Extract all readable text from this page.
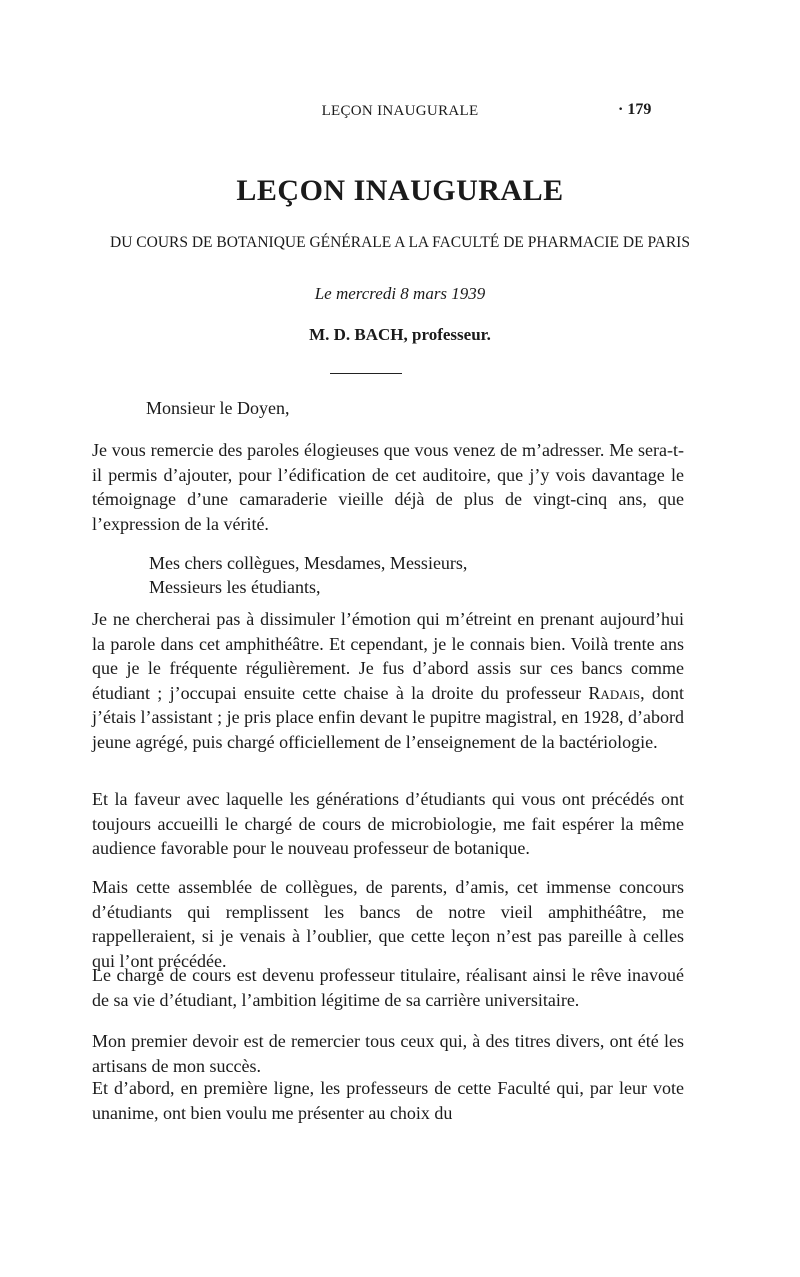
LEÇON INAUGURALE	· 179
LEÇON INAUGURALE
DU COURS DE BOTANIQUE GÉNÉRALE A LA FACULTÉ DE PHARMACIE DE PARIS
Le mercredi 8 mars 1939
M. D. BACH, professeur.
Monsieur le Doyen,

Je vous remercie des paroles élogieuses que vous venez de m’adresser. Me sera-t-il permis d’ajouter, pour l’édification de cet auditoire, que j’y vois davantage le témoignage d’une camaraderie vieille déjà de plus de vingt-cinq ans, que l’expression de la vérité.

Mes chers collègues, Mesdames, Messieurs,
Messieurs les étudiants,

Je ne chercherai pas à dissimuler l’émotion qui m’étreint en prenant aujourd’hui la parole dans cet amphithéâtre. Et cependant, je le connais bien. Voilà trente ans que je le fréquente régulièrement. Je fus d’abord assis sur ces bancs comme étudiant ; j’occupai ensuite cette chaise à la droite du professeur Radais, dont j’étais l’assistant ; je pris place enfin devant le pupitre magistral, en 1928, d’abord jeune agrégé, puis chargé officiellement de l’enseignement de la bactériologie.

Et la faveur avec laquelle les générations d’étudiants qui vous ont précédés ont toujours accueilli le chargé de cours de microbiologie, me fait espérer la même audience favorable pour le nouveau professeur de botanique.

Mais cette assemblée de collègues, de parents, d’amis, cet immense concours d’étudiants qui remplissent les bancs de notre vieil amphithéâtre, me rappelleraient, si je venais à l’oublier, que cette leçon n’est pas pareille à celles qui l’ont précédée.

Le chargé de cours est devenu professeur titulaire, réalisant ainsi le rêve inavoué de sa vie d’étudiant, l’ambition légitime de sa carrière universitaire.

Mon premier devoir est de remercier tous ceux qui, à des titres divers, ont été les artisans de mon succès.

Et d’abord, en première ligne, les professeurs de cette Faculté qui, par leur vote unanime, ont bien voulu me présenter au choix du
